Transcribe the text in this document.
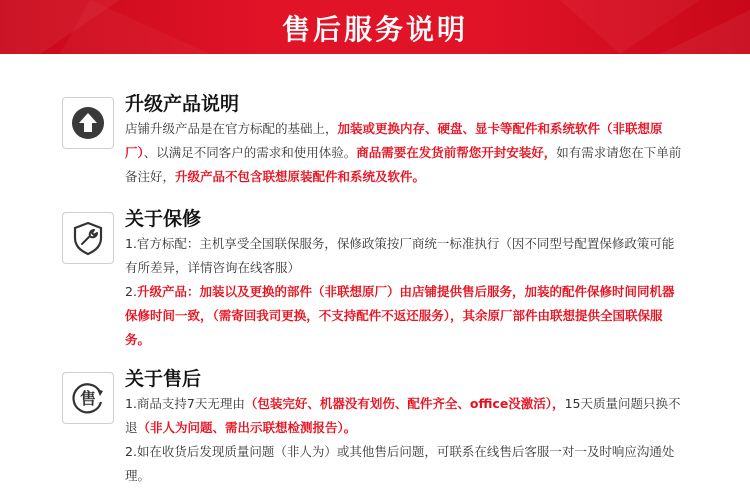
售后服务说明
升级产品说明

店铺升级产品是在官方标配的基础上，加装或更换内存、硬盘、显卡等配件和系统软件（非联想原厂）、以满足不同客户的需求和使用体验。商品需要在发货前帮您开封安装好，如有需求请您在下单前备注好，升级产品不包含联想原装配件和系统及软件。

关于保修

1.官方标配：主机享受全国联保服务，保修政策按厂商统一标准执行（因不同型号配置保修政策可能有所差异，详情咨询在线客服）

2.升级产品：加装以及更换的部件（非联想原厂）由店铺提供售后服务，加装的配件保修时间同机器保修时间一致，（需寄回我司更换，不支持配件不返还服务），其余原厂部件由联想提供全国联保服务。

售
关于售后

1.商品支持7天无理由（包装完好、机器没有划伤、配件齐全、office没激活），15天质量问题只换不退（非人为问题、需出示联想检测报告）。

2.如在收货后发现质量问题（非人为）或其他售后问题，可联系在线售后客服一对一及时响应沟通处理。
